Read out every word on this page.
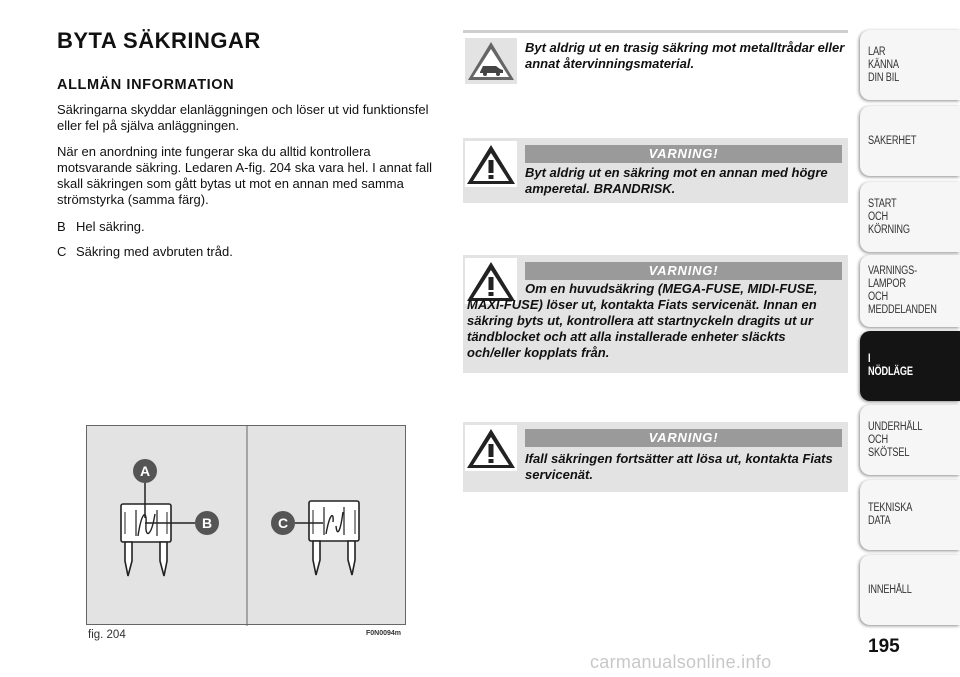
BYTA SÄKRINGAR
ALLMÄN INFORMATION

Säkringarna skyddar elanläggningen och löser ut vid funktionsfel eller fel på själva anläggningen.

När en anordning inte fungerar ska du alltid kontrollera motsvarande säkring. Ledaren A-fig. 204 ska vara hel. I annat fall skall säkringen som gått bytas ut mot en annan med samma strömstyrka (samma färg).

B Hel säkring.
C Säkring med avbruten tråd.
A
B	C
fig. 204	F0N0094m
Byt aldrig ut en trasig säkring mot metalltrådar eller annat återvinningsmaterial.
VARNING!

Byt aldrig ut en säkring mot en annan med högre amperetal. BRANDRISK.

VARNING!

Om en huvudsäkring (MEGA-FUSE, MIDI-FUSE, MAXI-FUSE) löser ut, kontakta Fiats servicenät. Innan en säkring byts ut, kontrollera att startnyckeln dragits ut ur tändblocket och att alla installerade enheter släckts och/eller kopplats från.

VARNING!

Ifall säkringen fortsätter att lösa ut, kontakta Fiats servicenät.

LÄR KÄNNA
DIN BIL
SÄKERHET
START
OCH KÖRNING
VARNINGS-
LAMPOR OCH
MEDDELANDEN
I NÖDLÄGE
UNDERHÅLL
OCH SKÖTSEL
TEKNISKA DATA
INNEHÅLL
195
carmanualsonline.info
